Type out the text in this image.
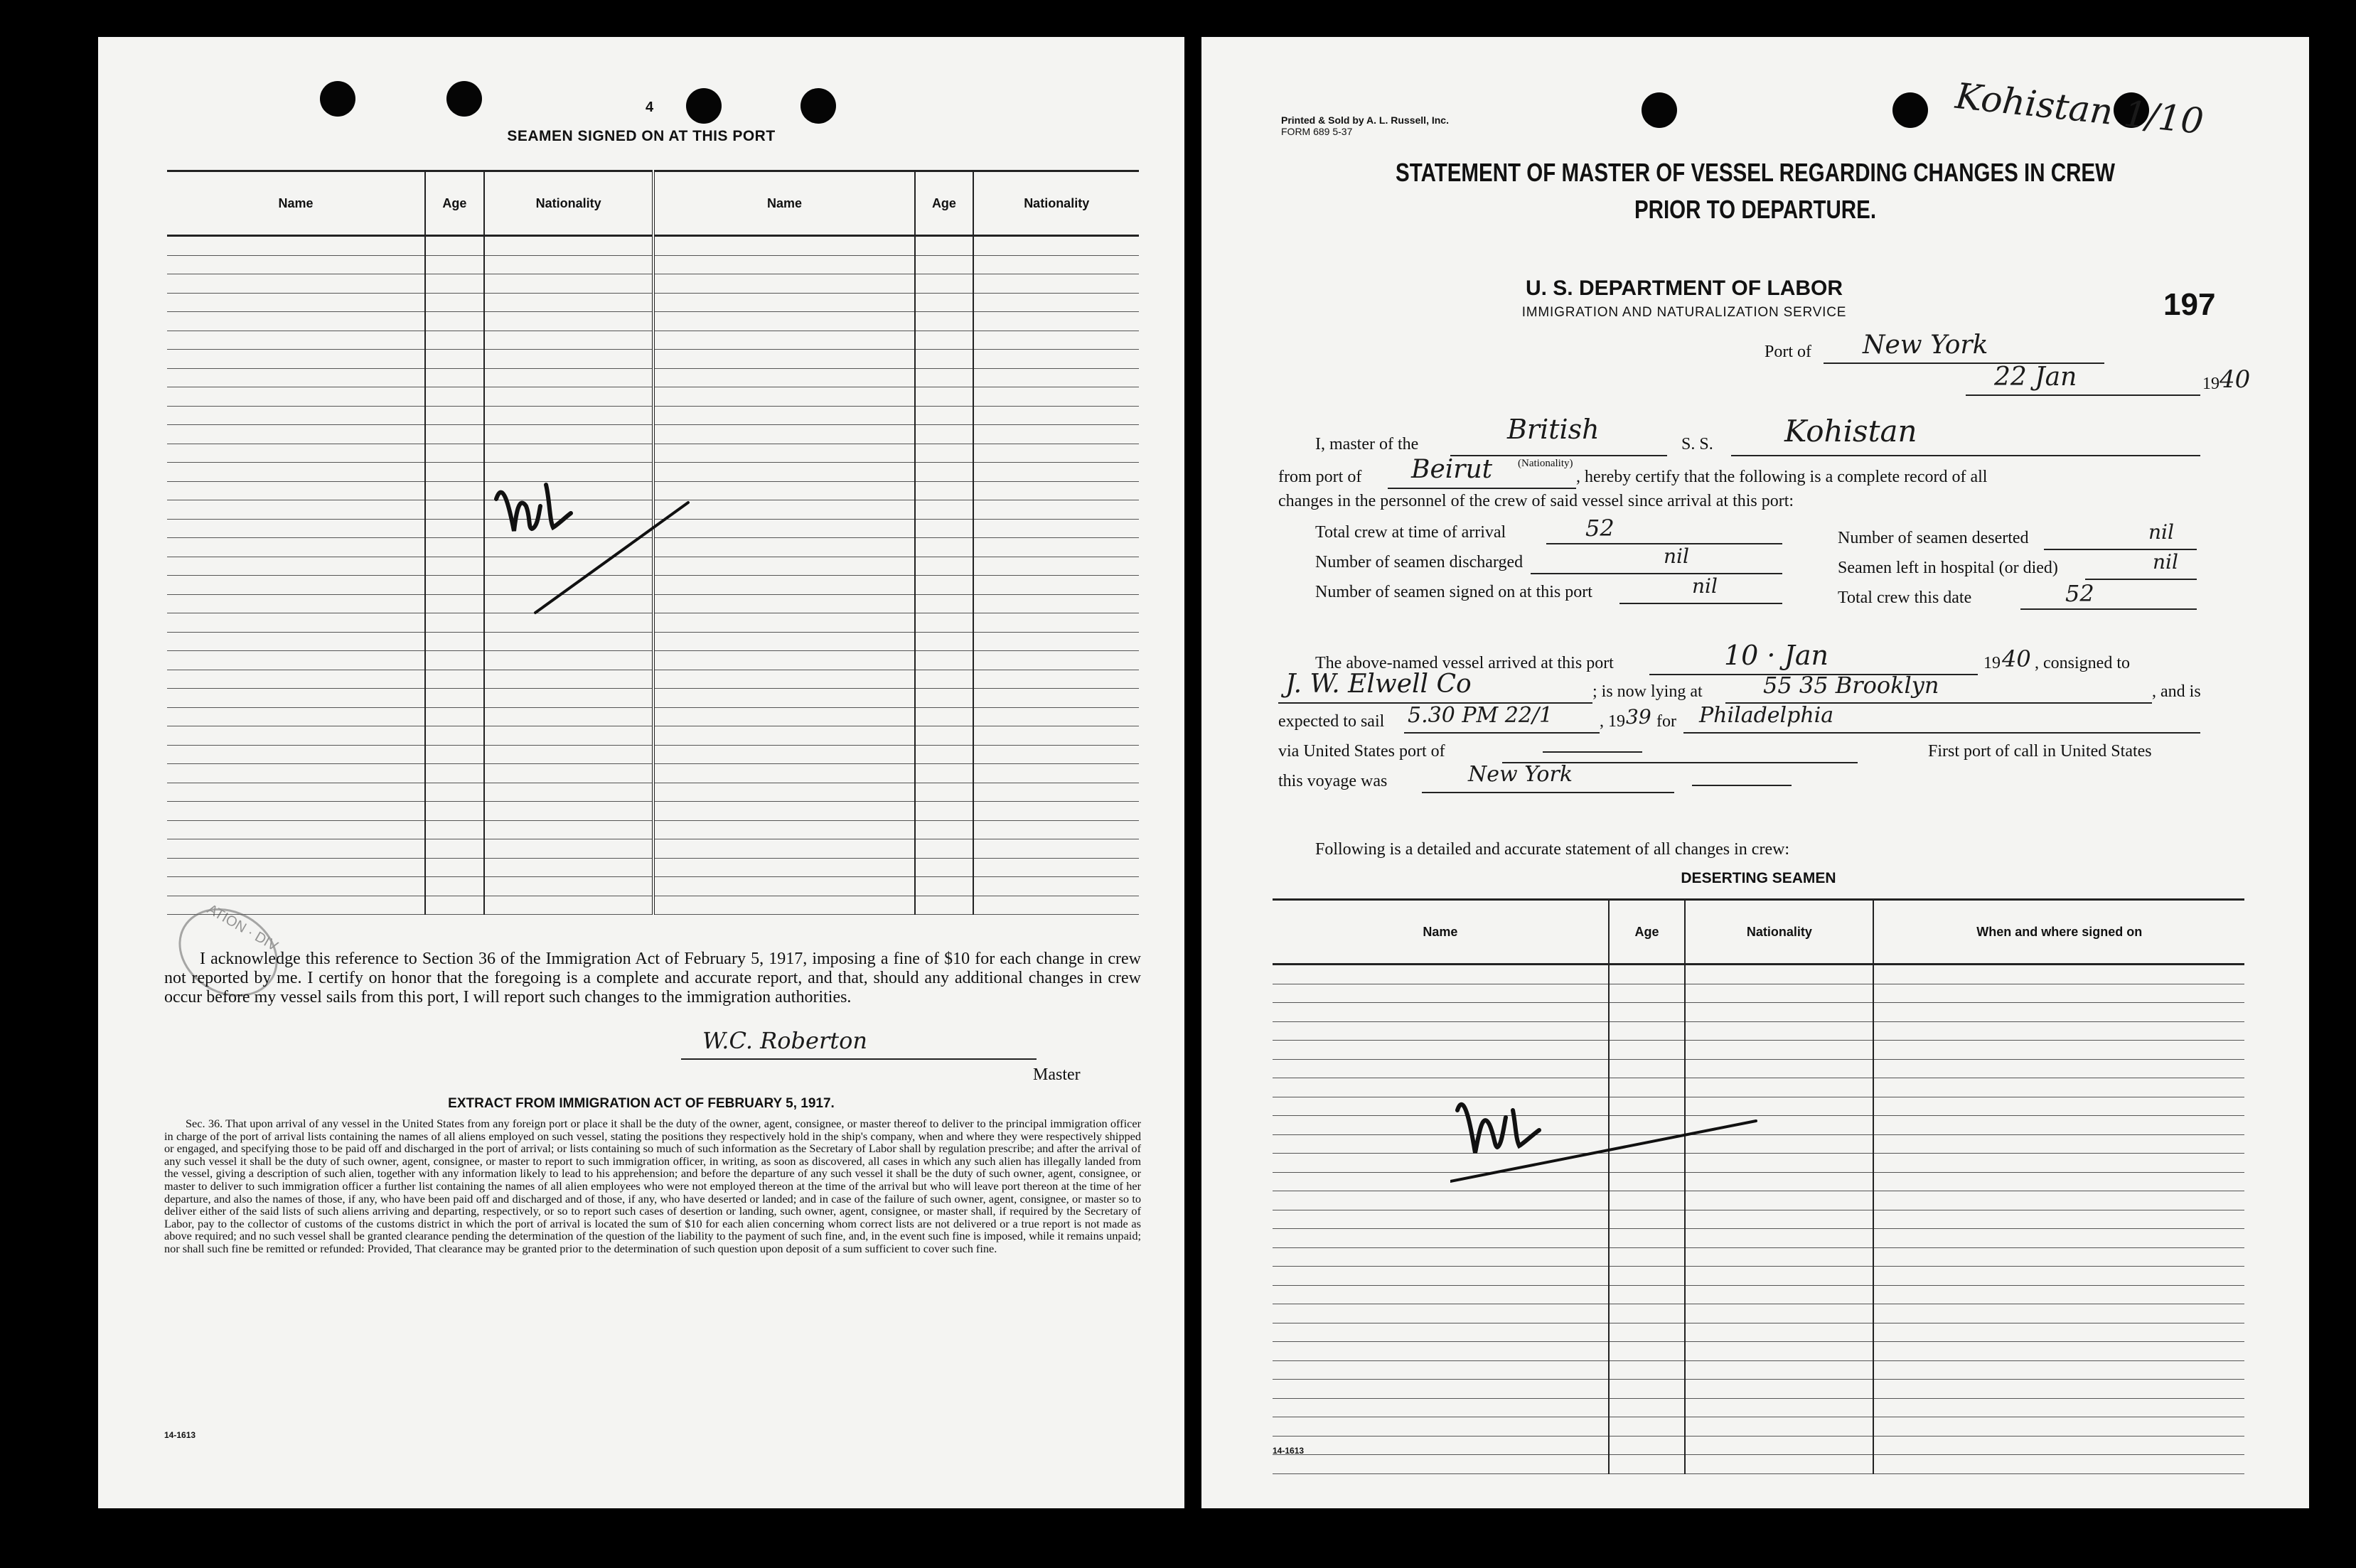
4
SEAMEN SIGNED ON AT THIS PORT
Name	Age	Nationality	Name	Age	Nationality

ATION · DIV
I acknowledge this reference to Section 36 of the Immigration Act of February 5, 1917, imposing a fine of $10 for each change in crew not reported by me. I certify on honor that the foregoing is a complete and accurate report, and that, should any additional changes in crew occur before my vessel sails from this port, I will report such changes to the immigration authorities.
W.C. Roberton
Master
EXTRACT FROM IMMIGRATION ACT OF FEBRUARY 5, 1917.
Sec. 36. That upon arrival of any vessel in the United States from any foreign port or place it shall be the duty of the owner, agent, consignee, or master thereof to deliver to the principal immigration officer in charge of the port of arrival lists containing the names of all aliens employed on such vessel, stating the positions they respectively hold in the ship's company, when and where they were respectively shipped or engaged, and specifying those to be paid off and discharged in the port of arrival; or lists containing so much of such information as the Secretary of Labor shall by regulation prescribe; and after the arrival of any such vessel it shall be the duty of such owner, agent, consignee, or master to report to such immigration officer, in writing, as soon as discovered, all cases in which any such alien has illegally landed from the vessel, giving a description of such alien, together with any information likely to lead to his apprehension; and before the departure of any such vessel it shall be the duty of such owner, agent, consignee, or master to deliver to such immigration officer a further list containing the names of all alien employees who were not employed thereon at the time of the arrival but who will leave port thereon at the time of her departure, and also the names of those, if any, who have been paid off and discharged and of those, if any, who have deserted or landed; and in case of the failure of such owner, agent, consignee, or master so to deliver either of the said lists of such aliens arriving and departing, respectively, or so to report such cases of desertion or landing, such owner, agent, consignee, or master shall, if required by the Secretary of Labor, pay to the collector of customs of the customs district in which the port of arrival is located the sum of $10 for each alien concerning whom correct lists are not delivered or a true report is not made as above required; and no such vessel shall be granted clearance pending the determination of the question of the liability to the payment of such fine, and, in the event such fine is imposed, while it remains unpaid; nor shall such fine be remitted or refunded: Provided, That clearance may be granted prior to the determination of such question upon deposit of a sum sufficient to cover such fine.
14-1613
Printed & Sold by A. L. Russell, Inc.
FORM 689 5-37	Kohistan 1/10
STATEMENT OF MASTER OF VESSEL REGARDING CHANGES IN CREW
PRIOR TO DEPARTURE.
U. S. DEPARTMENT OF LABOR
IMMIGRATION AND NATURALIZATION SERVICE	197
Port of New York
22 Jan	19 40
I, master of the	British
(Nationality)
S. S. Kohistan
from port of Beirut	, hereby certify that the following is a complete record of all
changes in the personnel of the crew of said vessel since arrival at this port:
Total crew at time of arrival	52	Number of seamen deserted	nil
Number of seamen discharged	nil	Seamen left in hospital (or died)	nil
Number of seamen signed on at this port	nil	Total crew this date	52
The above-named vessel arrived at this port	10 · Jan	19 40 , consigned to
J. W. Elwell Co	; is now lying at	55 35 Brooklyn	, and is
expected to sail 5.30 PM 22/1	, 19 39 for Philadelphia
via United States port of	First port of call in United States
this voyage was	New York
Following is a detailed and accurate statement of all changes in crew:
DESERTING SEAMEN
Name	Age	Nationality	When and where signed on

14-1613
